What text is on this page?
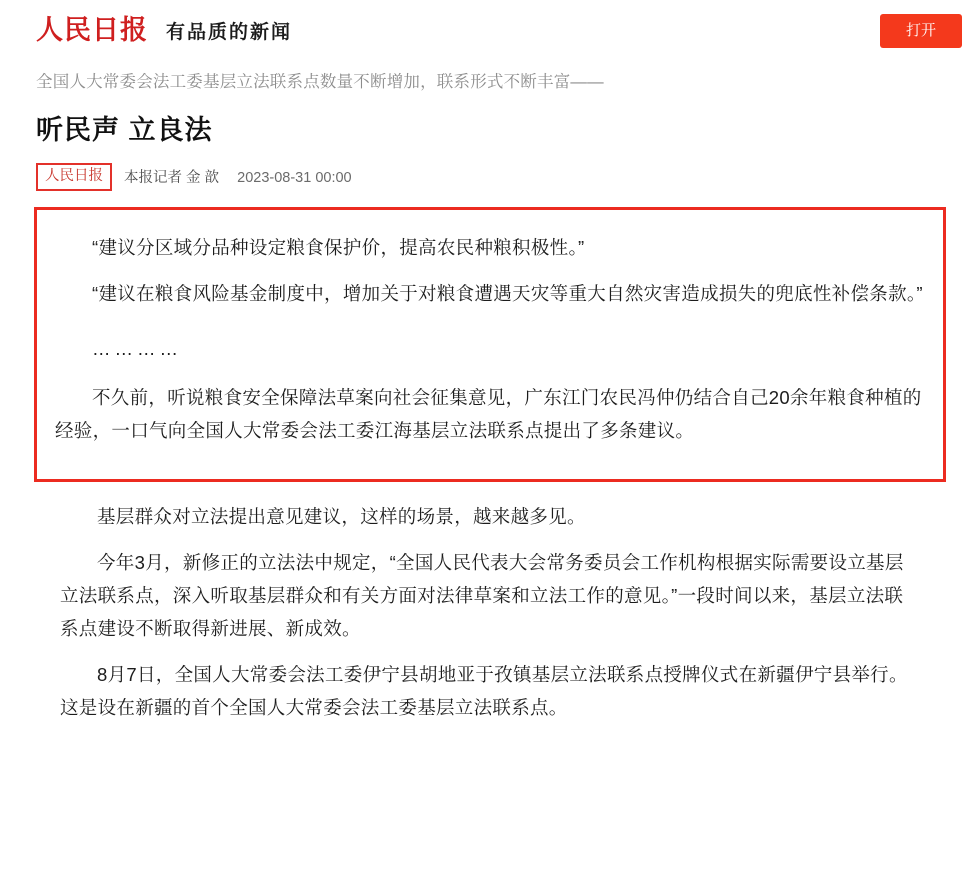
人民日报 有品质的新闻	打开
全国人大常委会法工委基层立法联系点数量不断增加，联系形式不断丰富——
听民声 立良法
人民日报	本报记者 金 歆 2023-08-31 00:00

“建议分区域分品种设定粮食保护价，提高农民种粮积极性。”

“建议在粮食风险基金制度中，增加关于对粮食遭遇天灾等重大自然灾害造成损失的兜底性补偿条款。”

…………

不久前，听说粮食安全保障法草案向社会征集意见，广东江门农民冯仲仍结合自己20余年粮食种植的经验，一口气向全国人大常委会法工委江海基层立法联系点提出了多条建议。

基层群众对立法提出意见建议，这样的场景，越来越多见。

今年3月，新修正的立法法中规定，“全国人民代表大会常务委员会工作机构根据实际需要设立基层立法联系点，深入听取基层群众和有关方面对法律草案和立法工作的意见。”一段时间以来，基层立法联系点建设不断取得新进展、新成效。

8月7日，全国人大常委会法工委伊宁县胡地亚于孜镇基层立法联系点授牌仪式在新疆伊宁县举行。这是设在新疆的首个全国人大常委会法工委基层立法联系点。
